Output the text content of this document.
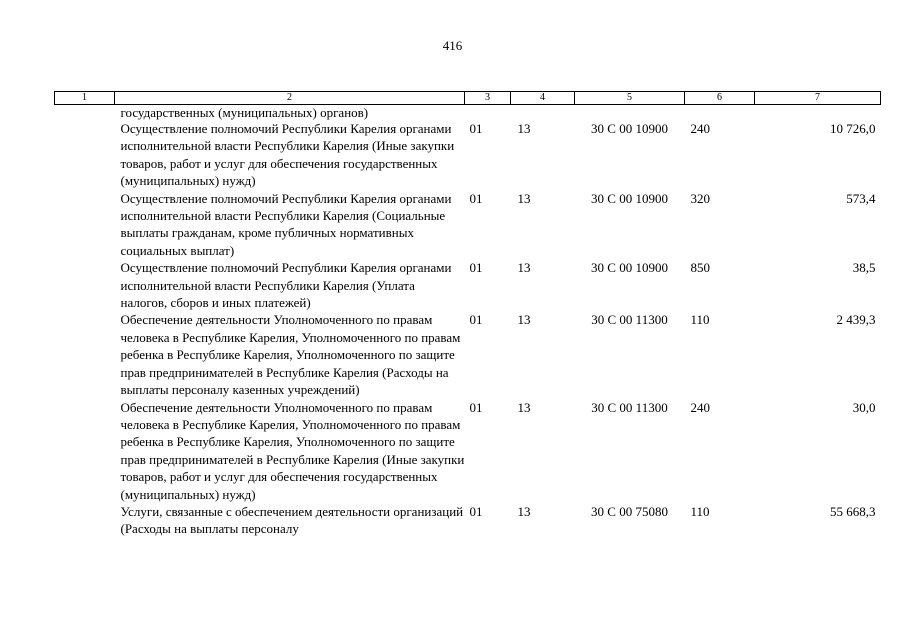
416
1	2	3	4	5	6	7
	государственных (муниципальных) органов)					
	Осуществление полномочий Республики Карелия органами исполнительной власти Республики Карелия (Иные закупки товаров, работ и услуг для обеспечения государственных (муниципальных) нужд)	01	13	30 С 00 10900	240	10 726,0
	Осуществление полномочий Республики Карелия органами исполнительной власти Республики Карелия (Социальные выплаты гражданам, кроме публичных нормативных социальных выплат)	01	13	30 С 00 10900	320	573,4
	Осуществление полномочий Республики Карелия органами исполнительной власти Республики Карелия (Уплата налогов, сборов и иных платежей)	01	13	30 С 00 10900	850	38,5
	Обеспечение деятельности Уполномоченного по правам человека в Республике Карелия, Уполномоченного по правам ребенка в Республике Карелия, Уполномоченного по защите прав предпринимателей в Республике Карелия (Расходы на выплаты персоналу казенных учреждений)	01	13	30 С 00 11300	110	2 439,3
	Обеспечение деятельности Уполномоченного по правам человека в Республике Карелия, Уполномоченного по правам ребенка в Республике Карелия, Уполномоченного по защите прав предпринимателей в Республике Карелия (Иные закупки товаров, работ и услуг для обеспечения государственных (муниципальных) нужд)	01	13	30 С 00 11300	240	30,0
	Услуги, связанные с обеспечением деятельности организаций (Расходы на выплаты персоналу	01	13	30 С 00 75080	110	55 668,3
